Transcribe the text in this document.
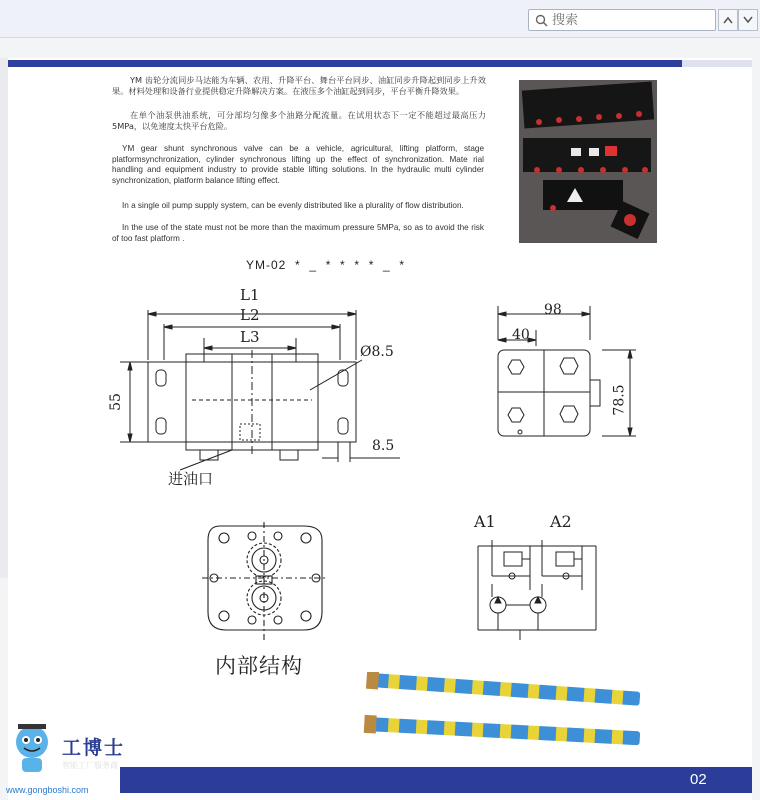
搜索

YM 齿轮分流同步马达能为车辆、农用、升降平台、舞台平台同步、油缸同步升降起到同步上升效果。材料处理和设备行业提供稳定升降解决方案。在液压多个油缸起到同步，平台平衡升降效果。

在单个油泵供油系统，可分部均匀像多个油路分配流量。在试用状态下一定不能超过最高压力 5MPa，以免速度太快平台危险。

YM gear shunt synchronous valve can be a vehicle, agricultural, lifting platform, stage platformsynchronization, cylinder synchronous lifting up the effect of synchronization. Mate rial handling and equipment industry to provide stable lifting solutions. In the hydraulic multi cylinder synchronization, platform balance lifting effect.

In a single oil pump supply system, can be evenly distributed like a plurality of flow distribution.

In the use of the state must not be more than the maximum pressure 5MPa, so as to avoid the risk of too fast platform .

YM-02  *  _  *  *  *  *  _  *
L1
L2
L3
Ø8.5
55
8.5
进油口
98
40
78.5
内部结构
A1	A2
02
工博士
智能工厂服务商
www.gongboshi.com
